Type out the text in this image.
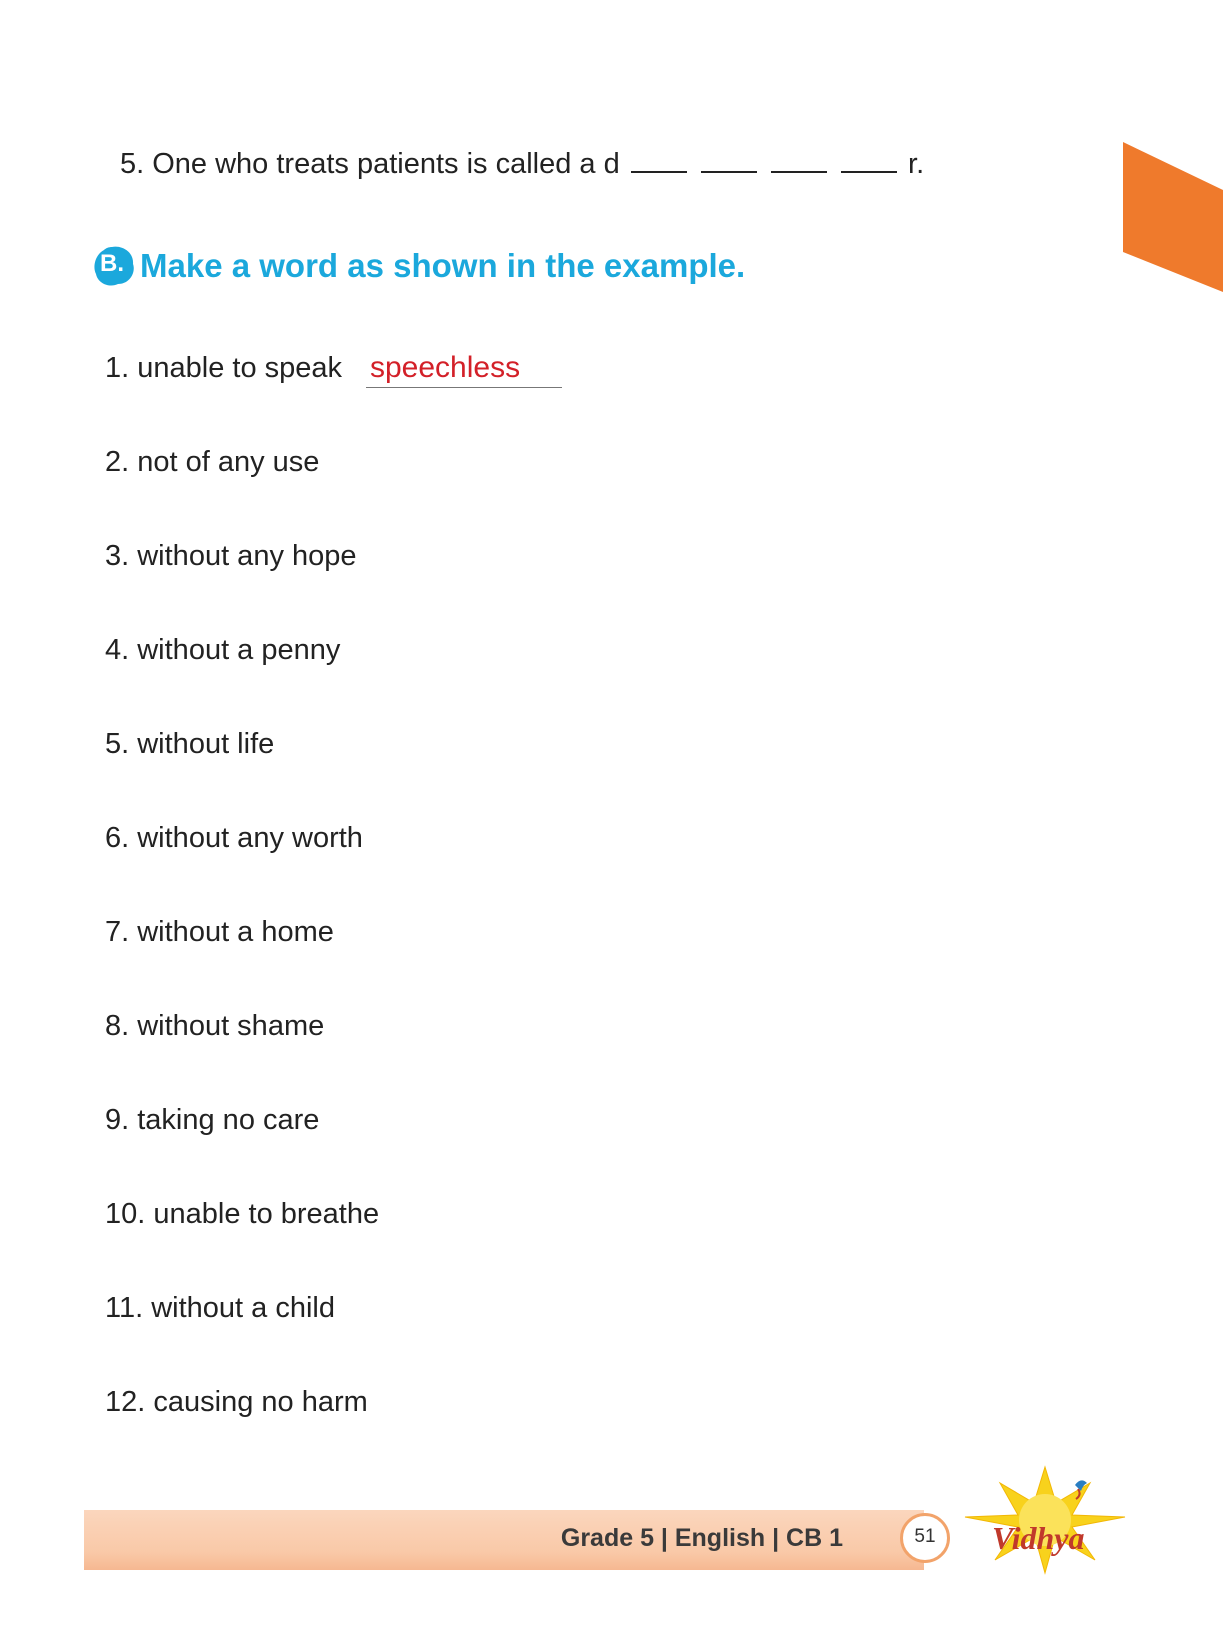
5. One who treats patients is called a d	r.
B. Make a word as shown in the example.
1. unable to speak speechless
2. not of any use
3. without any hope
4. without a penny
5. without life
6. without any worth
7. without a home
8. without shame
9. taking no care
10. unable to breathe
11. without a child
12. causing no harm
Grade 5 | English | CB 1	51	Vidhya
